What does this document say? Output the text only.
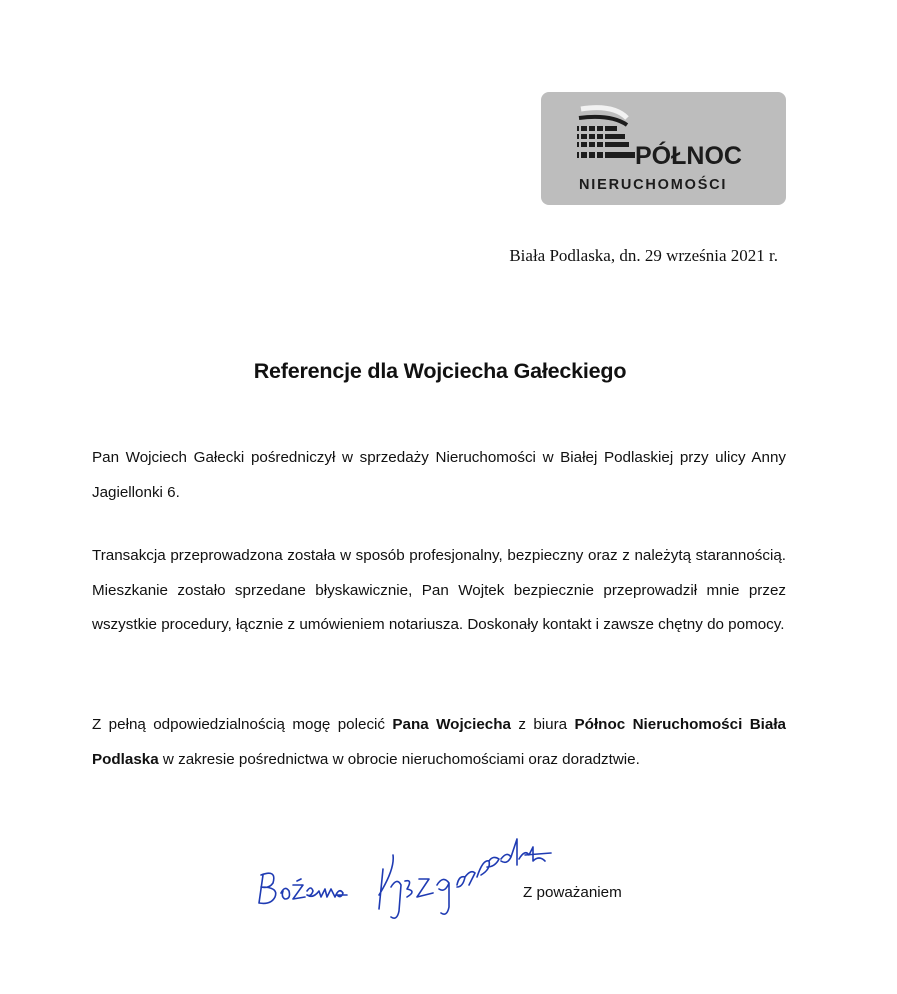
PÓŁNOC
NIERUCHOMOŚCI
Biała Podlaska, dn. 29 września 2021 r.
Referencje dla Wojciecha Gałeckiego
Pan Wojciech Gałecki pośredniczył w sprzedaży Nieruchomości w Białej Podlaskiej przy ulicy Anny Jagiellonki 6.
Transakcja przeprowadzona została w sposób profesjonalny, bezpieczny oraz z należytą starannością. Mieszkanie zostało sprzedane błyskawicznie, Pan Wojtek bezpiecznie przeprowadził mnie przez wszystkie procedury, łącznie z umówieniem notariusza. Doskonały kontakt i zawsze chętny do pomocy.
Z pełną odpowiedzialnością mogę polecić Pana Wojciecha z biura Północ Nieruchomości Biała Podlaska w zakresie pośrednictwa w obrocie nieruchomościami oraz doradztwie.
Z poważaniem
